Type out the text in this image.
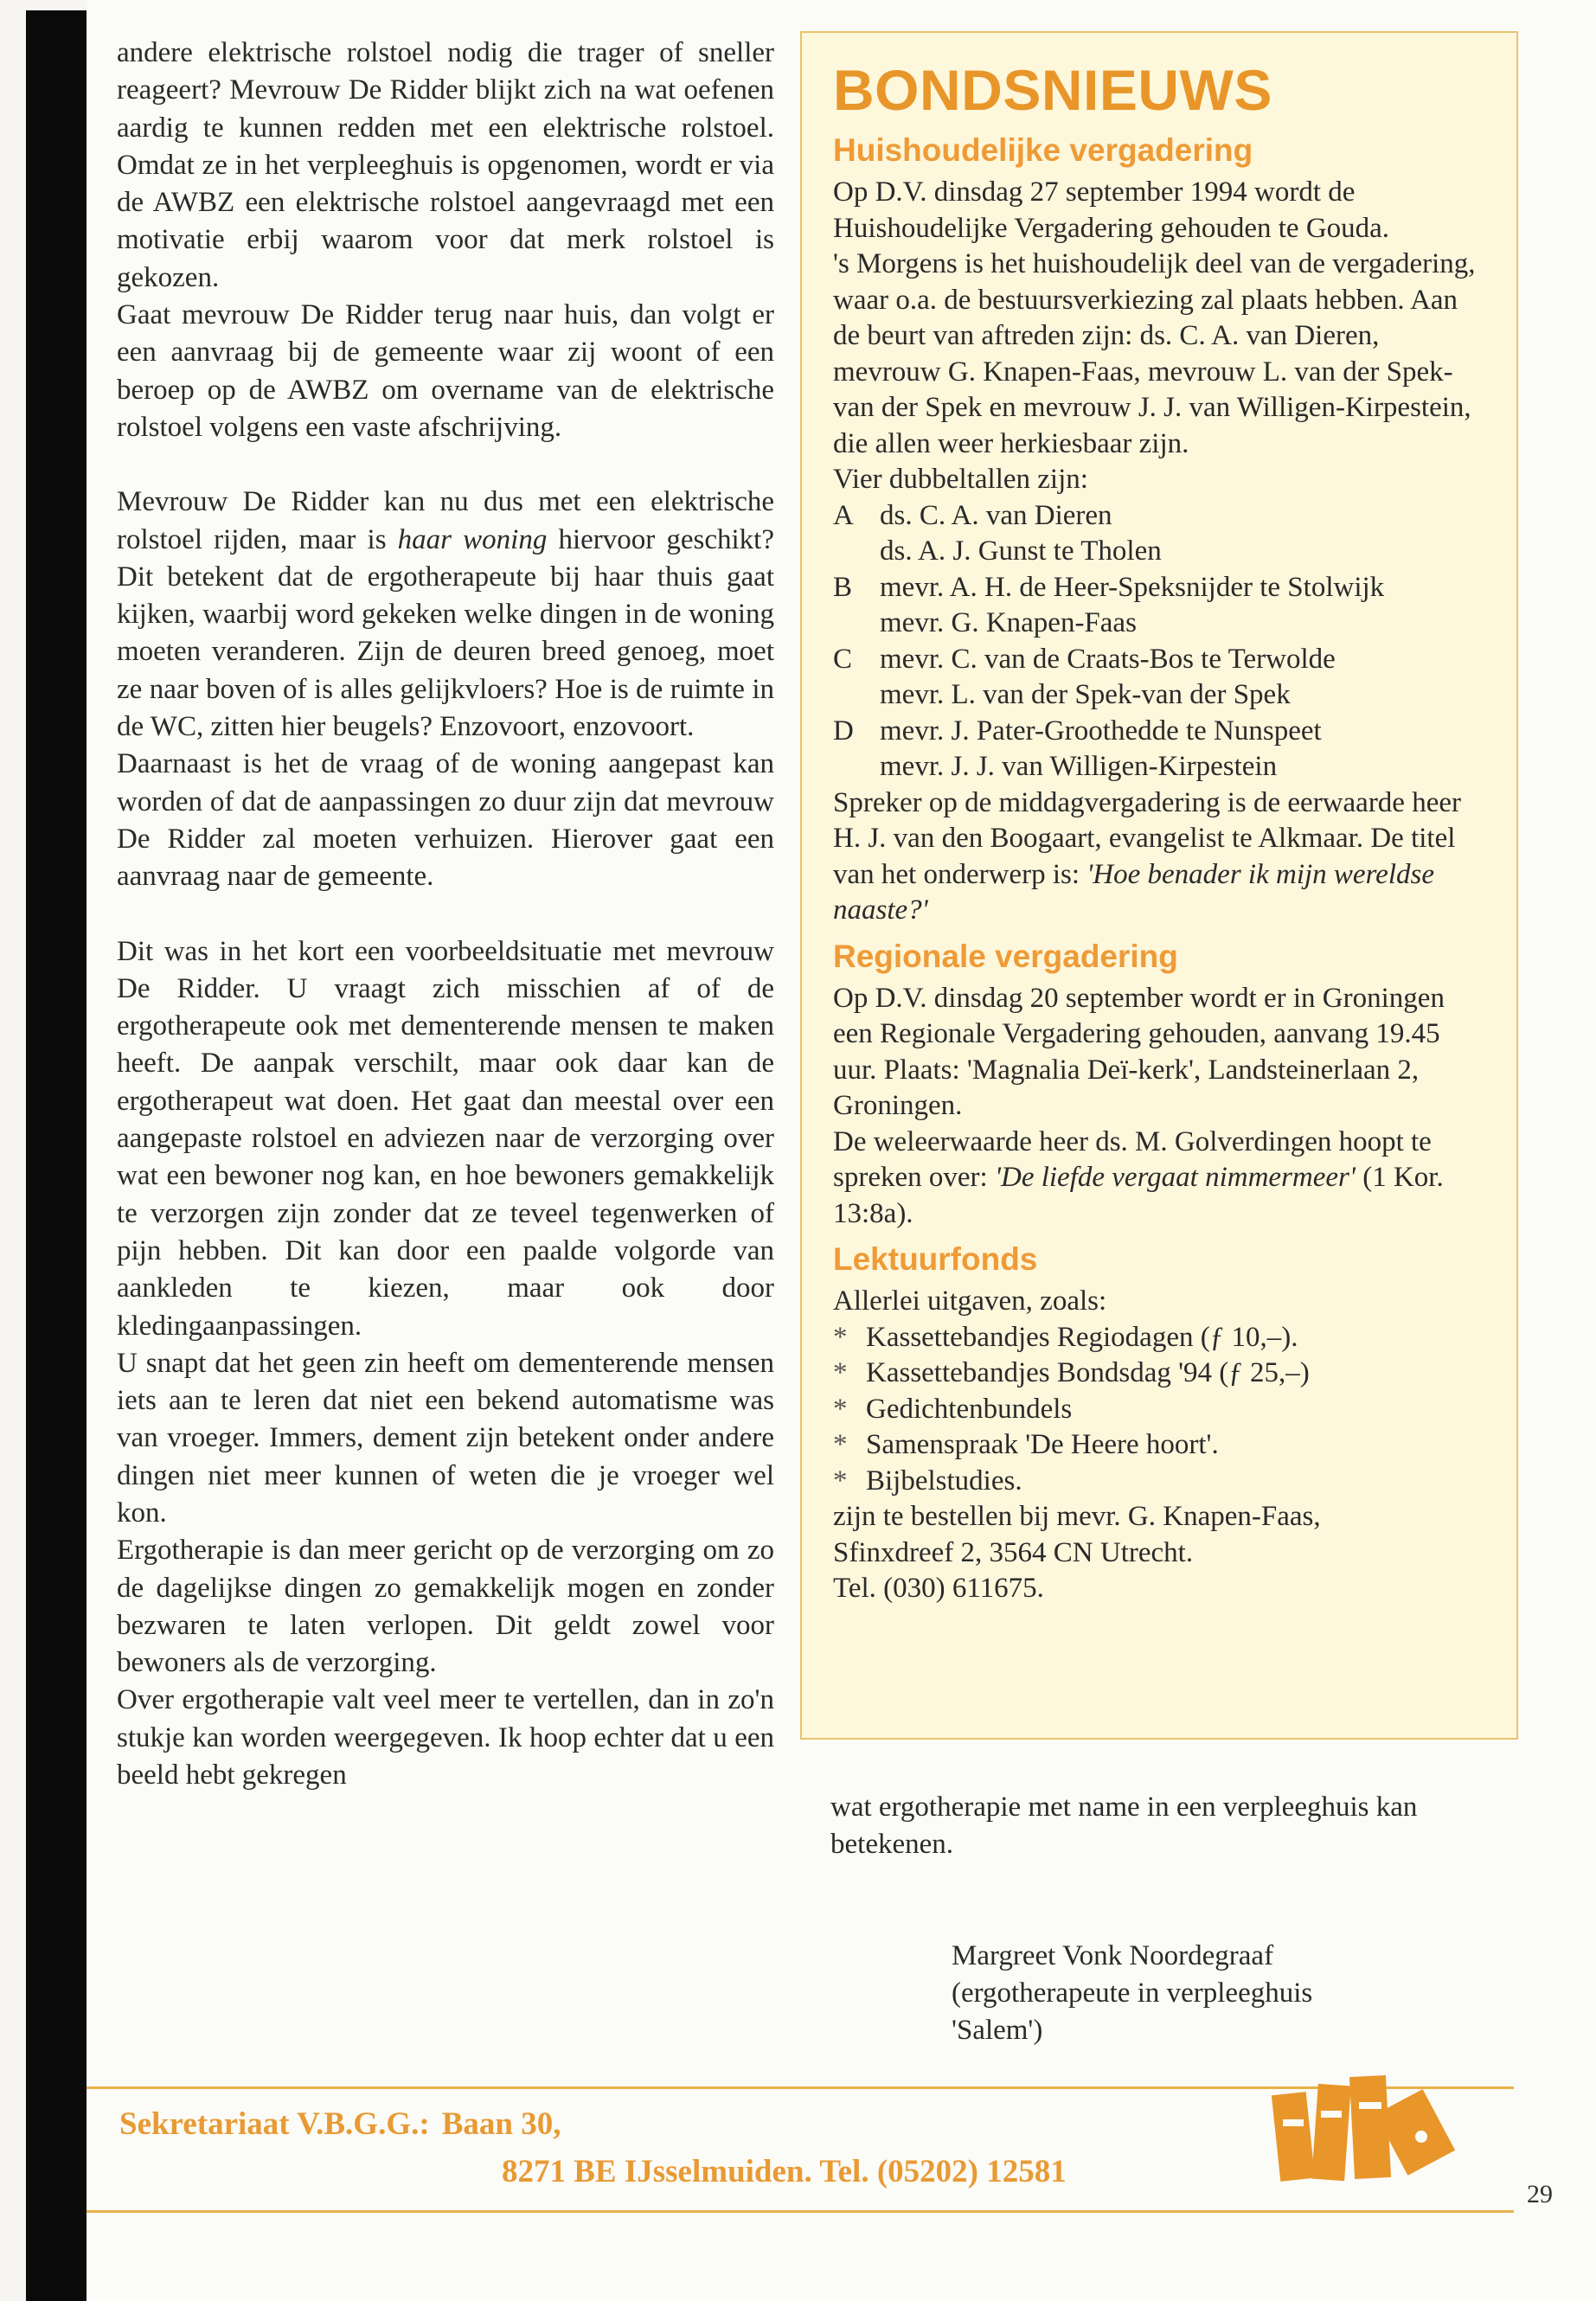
andere elektrische rolstoel nodig die trager of sneller reageert? Mevrouw De Ridder blijkt zich na wat oefenen aardig te kunnen redden met een elektrische rolstoel. Omdat ze in het verpleeghuis is opgenomen, wordt er via de AWBZ een elektrische rolstoel aangevraagd met een motivatie erbij waarom voor dat merk rolstoel is gekozen.

Gaat mevrouw De Ridder terug naar huis, dan volgt er een aanvraag bij de gemeente waar zij woont of een beroep op de AWBZ om overname van de elektrische rolstoel volgens een vaste afschrijving.

Mevrouw De Ridder kan nu dus met een elektrische rolstoel rijden, maar is haar woning hiervoor geschikt? Dit betekent dat de ergotherapeute bij haar thuis gaat kijken, waarbij word gekeken welke dingen in de woning moeten veranderen. Zijn de deuren breed genoeg, moet ze naar boven of is alles gelijkvloers? Hoe is de ruimte in de WC, zitten hier beugels? Enzovoort, enzovoort.

Daarnaast is het de vraag of de woning aangepast kan worden of dat de aanpassingen zo duur zijn dat mevrouw De Ridder zal moeten verhuizen. Hierover gaat een aanvraag naar de gemeente.

Dit was in het kort een voorbeeldsituatie met mevrouw De Ridder. U vraagt zich misschien af of de ergotherapeute ook met dementerende mensen te maken heeft. De aanpak verschilt, maar ook daar kan de ergotherapeut wat doen. Het gaat dan meestal over een aangepaste rolstoel en adviezen naar de verzorging over wat een bewoner nog kan, en hoe bewoners gemakkelijk te verzorgen zijn zonder dat ze teveel tegenwerken of pijn hebben. Dit kan door een paalde volgorde van aankleden te kiezen, maar ook door kledingaanpassingen.

U snapt dat het geen zin heeft om dementerende mensen iets aan te leren dat niet een bekend automatisme was van vroeger. Immers, dement zijn betekent onder andere dingen niet meer kunnen of weten die je vroeger wel kon.

Ergotherapie is dan meer gericht op de verzorging om zo de dagelijkse dingen zo gemakkelijk mogen en zonder bezwaren te laten verlopen. Dit geldt zowel voor bewoners als de verzorging.

Over ergotherapie valt veel meer te vertellen, dan in zo'n stukje kan worden weergegeven. Ik hoop echter dat u een beeld hebt gekregen

BONDSNIEUWS
Huishoudelijke vergadering

Op D.V. dinsdag 27 september 1994 wordt de Huishoudelijke Vergadering gehouden te Gouda.

's Morgens is het huishoudelijk deel van de vergadering, waar o.a. de bestuursverkiezing zal plaats hebben. Aan de beurt van aftreden zijn: ds. C. A. van Dieren, mevrouw G. Knapen-Faas, mevrouw L. van der Spek-van der Spek en mevrouw J. J. van Willigen-Kirpestein, die allen weer herkiesbaar zijn.

Vier dubbeltallen zijn:

A ds. C. A. van Dieren
ds. A. J. Gunst te Tholen
B mevr. A. H. de Heer-Speksnijder te Stolwijk
mevr. G. Knapen-Faas
C mevr. C. van de Craats-Bos te Terwolde
mevr. L. van der Spek-van der Spek
D mevr. J. Pater-Groothedde te Nunspeet
mevr. J. J. van Willigen-Kirpestein

Spreker op de middagvergadering is de eerwaarde heer H. J. van den Boogaart, evangelist te Alkmaar. De titel van het onderwerp is: 'Hoe benader ik mijn wereldse naaste?'

Regionale vergadering

Op D.V. dinsdag 20 september wordt er in Groningen een Regionale Vergadering gehouden, aanvang 19.45 uur. Plaats: 'Magnalia Deï-kerk', Landsteinerlaan 2, Groningen.

De weleerwaarde heer ds. M. Golverdingen hoopt te spreken over: 'De liefde vergaat nimmermeer' (1 Kor. 13:8a).

Lektuurfonds

Allerlei uitgaven, zoals:

* Kassettebandjes Regiodagen (ƒ 10,–).
* Kassettebandjes Bondsdag '94 (ƒ 25,–)
* Gedichtenbundels
* Samenspraak 'De Heere hoort'.
* Bijbelstudies.

zijn te bestellen bij mevr. G. Knapen-Faas,

Sfinxdreef 2, 3564 CN Utrecht.

Tel. (030) 611675.

wat ergotherapie met name in een verpleeghuis kan betekenen.
Margreet Vonk Noordegraaf
(ergotherapeute in verpleeghuis
'Salem')
Sekretariaat V.B.G.G.: Baan 30,
8271 BE IJsselmuiden. Tel. (05202) 12581
29
